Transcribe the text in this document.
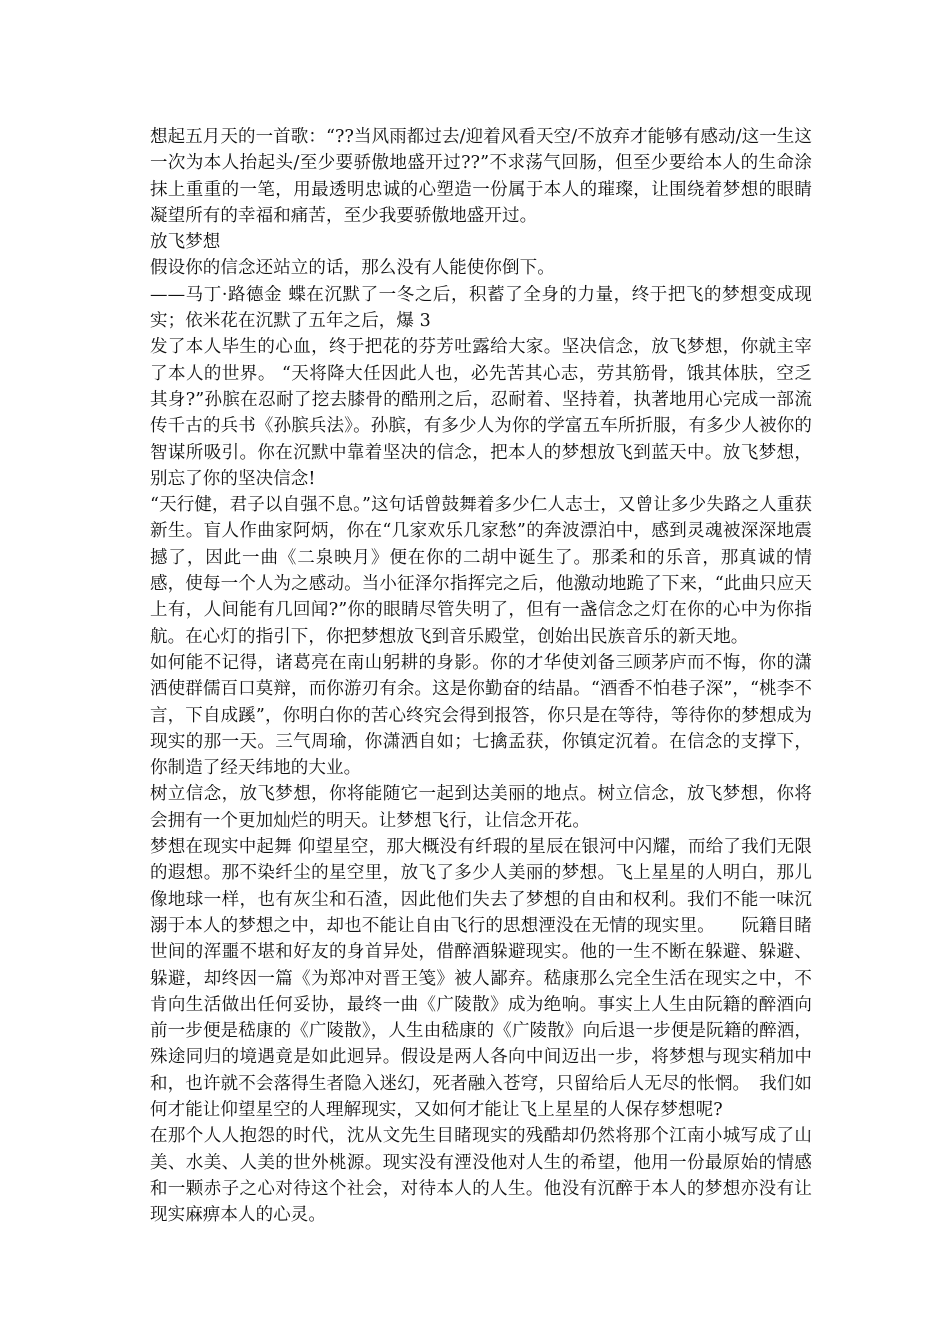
想起五月天的一首歌：“??当风雨都过去/迎着风看天空/不放弃才能够有感动/这一生这一次为本人抬起头/至少要骄傲地盛开过??”不求荡气回肠，但至少要给本人的生命涂抹上重重的一笔，用最透明忠诚的心塑造一份属于本人的璀璨，让围绕着梦想的眼睛凝望所有的幸福和痛苦，至少我要骄傲地盛开过。

放飞梦想

假设你的信念还站立的话，那么没有人能使你倒下。

——马丁·路德金 蝶在沉默了一冬之后，积蓄了全身的力量，终于把飞的梦想变成现实；依米花在沉默了五年之后，爆 3

发了本人毕生的心血，终于把花的芬芳吐露给大家。坚决信念，放飞梦想，你就主宰了本人的世界。 “天将降大任因此人也，必先苦其心志，劳其筋骨，饿其体肤，空乏其身?”孙膑在忍耐了挖去膝骨的酷刑之后，忍耐着、坚持着，执著地用心完成一部流传千古的兵书《孙膑兵法》。孙膑，有多少人为你的学富五车所折服，有多少人被你的智谋所吸引。你在沉默中靠着坚决的信念，把本人的梦想放飞到蓝天中。放飞梦想，别忘了你的坚决信念!

“天行健，君子以自强不息。”这句话曾鼓舞着多少仁人志士，又曾让多少失路之人重获新生。盲人作曲家阿炳，你在“几家欢乐几家愁”的奔波漂泊中，感到灵魂被深深地震撼了，因此一曲《二泉映月》便在你的二胡中诞生了。那柔和的乐音，那真诚的情感，使每一个人为之感动。当小征泽尔指挥完之后，他激动地跪了下来，“此曲只应天上有，人间能有几回闻?”你的眼睛尽管失明了，但有一盏信念之灯在你的心中为你指航。在心灯的指引下，你把梦想放飞到音乐殿堂，创始出民族音乐的新天地。

如何能不记得，诸葛亮在南山躬耕的身影。你的才华使刘备三顾茅庐而不悔，你的潇洒使群儒百口莫辩，而你游刃有余。这是你勤奋的结晶。“酒香不怕巷子深”，“桃李不言，下自成蹊”，你明白你的苦心终究会得到报答，你只是在等待，等待你的梦想成为现实的那一天。三气周瑜，你潇洒自如；七擒孟获，你镇定沉着。在信念的支撑下，你制造了经天纬地的大业。

树立信念，放飞梦想，你将能随它一起到达美丽的地点。树立信念，放飞梦想，你将会拥有一个更加灿烂的明天。让梦想飞行，让信念开花。

梦想在现实中起舞 仰望星空，那大概没有纤瑕的星辰在银河中闪耀，而给了我们无限的遐想。那不染纤尘的星空里，放飞了多少人美丽的梦想。飞上星星的人明白，那儿像地球一样，也有灰尘和石渣，因此他们失去了梦想的自由和权利。我们不能一味沉溺于本人的梦想之中，却也不能让自由飞行的思想湮没在无情的现实里。　　阮籍目睹世间的浑噩不堪和好友的身首异处，借醉酒躲避现实。他的一生不断在躲避、躲避、躲避，却终因一篇《为郑冲对晋王笺》被人鄙弃。嵇康那么完全生活在现实之中，不肯向生活做出任何妥协，最终一曲《广陵散》成为绝响。事实上人生由阮籍的醉酒向前一步便是嵇康的《广陵散》，人生由嵇康的《广陵散》向后退一步便是阮籍的醉酒，殊途同归的境遇竟是如此迥异。假设是两人各向中间迈出一步，将梦想与现实稍加中和，也许就不会落得生者隐入迷幻，死者融入苍穹，只留给后人无尽的怅惘。　我们如何才能让仰望星空的人理解现实，又如何才能让飞上星星的人保存梦想呢?

在那个人人抱怨的时代，沈从文先生目睹现实的残酷却仍然将那个江南小城写成了山美、水美、人美的世外桃源。现实没有湮没他对人生的希望，他用一份最原始的情感和一颗赤子之心对待这个社会，对待本人的人生。他没有沉醉于本人的梦想亦没有让现实麻痹本人的心灵。
